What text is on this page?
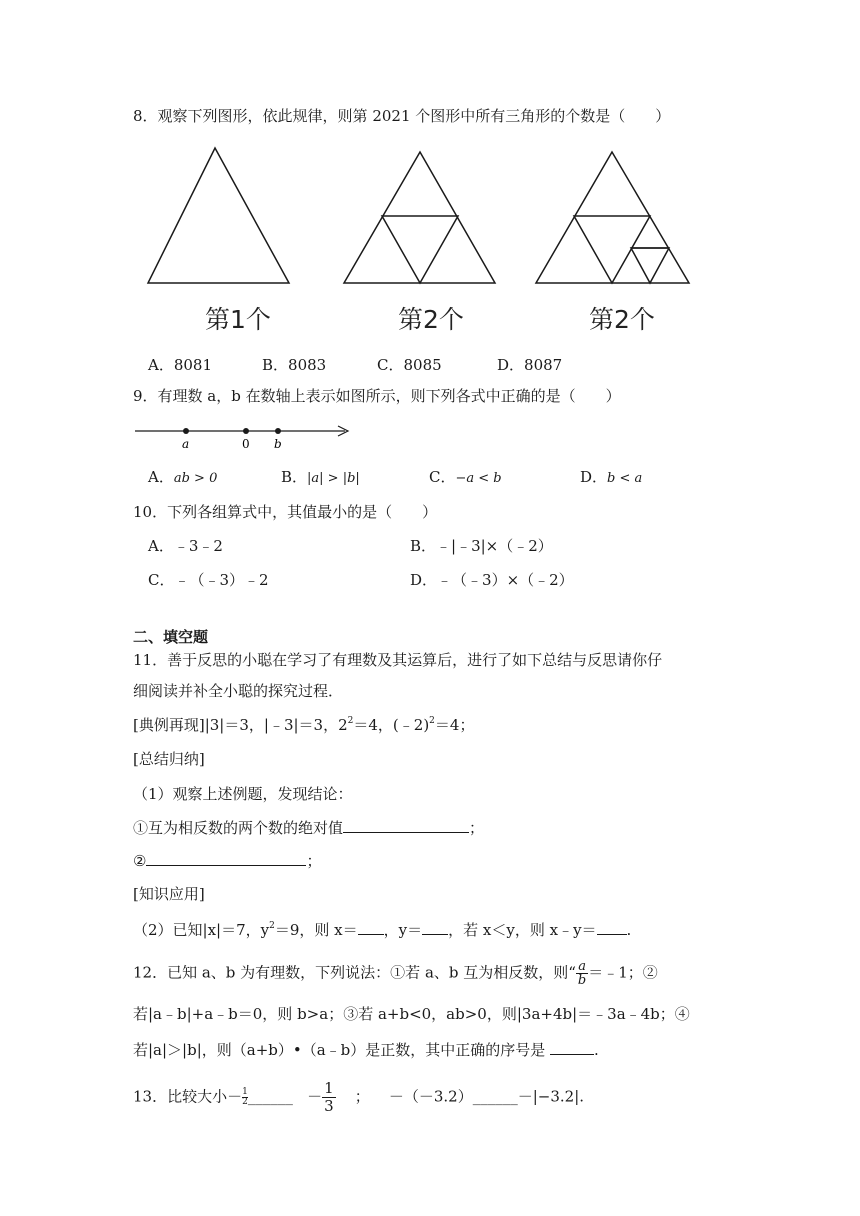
8．观察下列图形，依此规律，则第 2021 个图形中所有三角形的个数是（　　）
第1个	第2个	第2个
A．8081	B．8083	C．8085	D．8087
9．有理数 a，b 在数轴上表示如图所示，则下列各式中正确的是（　　）
a	0 b
A．ab > 0	B．|a| > |b|	C．−a < b	D．b < a
10．下列各组算式中，其值最小的是（　　）
A．﹣3﹣2	B．﹣|﹣3|×（﹣2）
C．﹣（﹣3）﹣2	D．﹣（﹣3）×（﹣2）
二、填空题
11．善于反思的小聪在学习了有理数及其运算后，进行了如下总结与反思请你仔
细阅读并补全小聪的探究过程．
[典例再现]|3|＝3，|﹣3|＝3，$2^2=4$，(﹣2)$^2$＝4；
[总结归纳]
（1）观察上述例题，发现结论：
①互为相反数的两个数的绝对值	；
②	；
[知识应用]
（2）已知|x|＝7，$y^2=9$，则 x＝ ，y＝ ，若 x＜y，则 x﹣y＝ .
12．已知 a、b 为有理数，下列说法：①若 a、b 互为相反数，则“ $\frac{a}{b}$ ＝﹣1；②
若|a﹣b|+a﹣b＝0，则 b>a；③若 a+b<0，ab>0，则|3a+4b|＝﹣3a﹣4b；④
若|a|＞|b|，则（a+b）•（a﹣b）是正数，其中正确的序号是	.
13．比较大小－ $\frac{1}{2}$ ______ － $\frac{1}{3}$ ； －（－3.2）______－|−3.2|.
